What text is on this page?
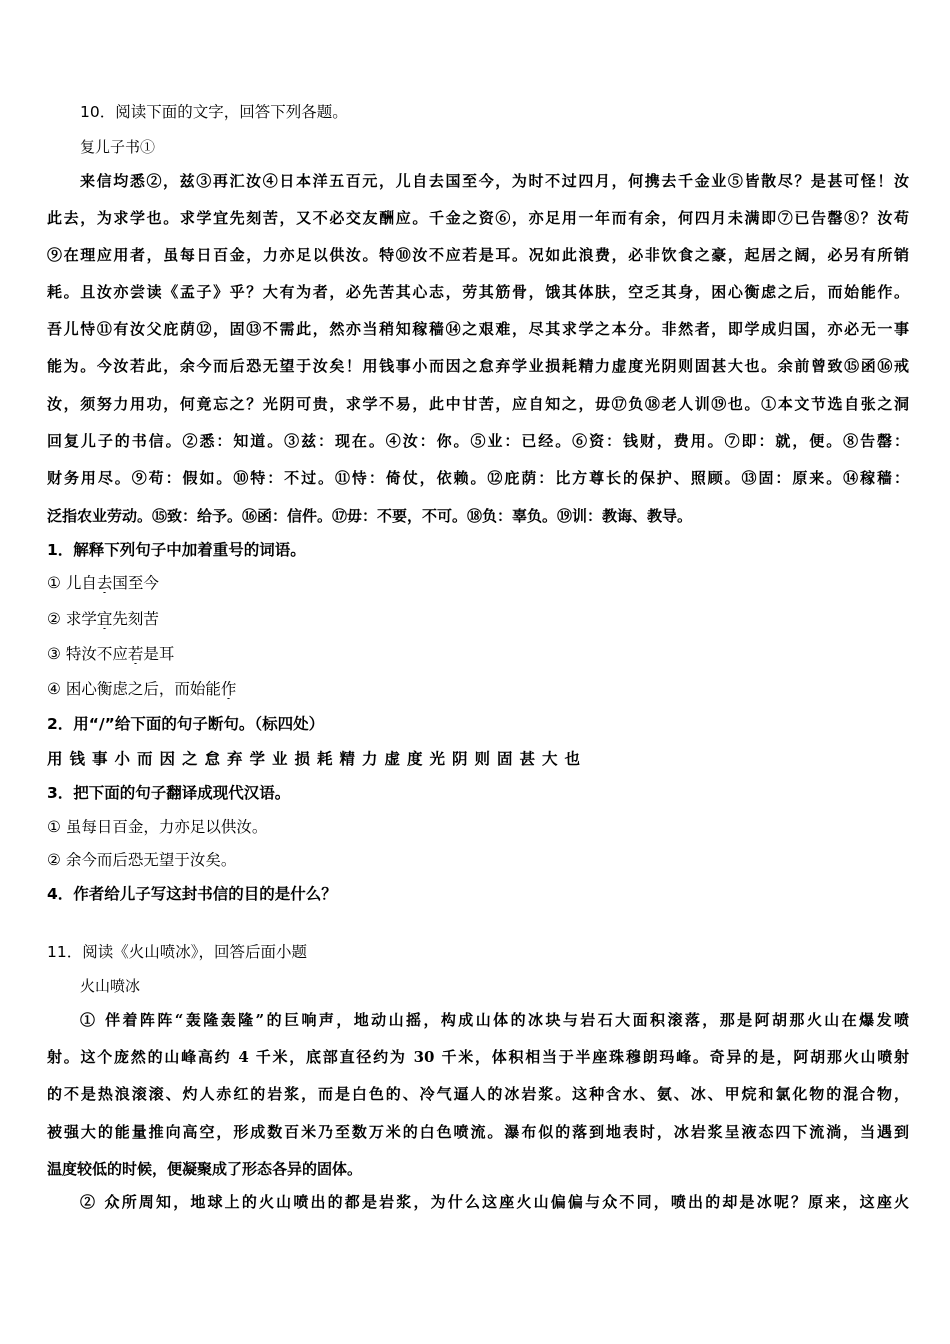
10．阅读下面的文字，回答下列各题。
复儿子书①
来信均悉②，兹③再汇汝④日本洋五百元，儿自去国至今，为时不过四月，何携去千金业⑤皆散尽？是甚可怪！汝
此去，为求学也。求学宜先刻苦，又不必交友酬应。千金之资⑥，亦足用一年而有余，何四月未满即⑦已告罄⑧？汝苟
⑨在理应用者，虽每日百金，力亦足以供汝。特⑩汝不应若是耳。况如此浪费，必非饮食之豪，起居之阔，必另有所销
耗。且汝亦尝读《孟子》乎？大有为者，必先苦其心志，劳其筋骨，饿其体肤，空乏其身，困心衡虑之后，而始能作。
吾儿恃⑪有汝父庇荫⑫，固⑬不需此，然亦当稍知稼穑⑭之艰难，尽其求学之本分。非然者，即学成归国，亦必无一事
能为。今汝若此，余今而后恐无望于汝矣！用钱事小而因之怠弃学业损耗精力虚度光阴则固甚大也。余前曾致⑮函⑯戒
汝，须努力用功，何竟忘之？光阴可贵，求学不易，此中甘苦，应自知之，毋⑰负⑱老人训⑲也。①本文节选自张之洞
回复儿子的书信。②悉：知道。③兹：现在。④汝：你。⑤业：已经。⑥资：钱财，费用。⑦即：就，便。⑧告罄：
财务用尽。⑨苟：假如。⑩特：不过。⑪恃：倚仗，依赖。⑫庇荫：比方尊长的保护、照顾。⑬固：原来。⑭稼穑：
泛指农业劳动。⑮致：给予。⑯函：信件。⑰毋：不要，不可。⑱负：辜负。⑲训：教诲、教导。
1．解释下列句子中加着重号的词语。
① 儿自去国至今
② 求学宜先刻苦
③ 特汝不应若是耳
④ 困心衡虑之后，而始能作
2．用“/”给下面的句子断句。（标四处）
用钱事小而因之怠弃学业损耗精力虚度光阴则固甚大也
3．把下面的句子翻译成现代汉语。
① 虽每日百金，力亦足以供汝。
② 余今而后恐无望于汝矣。
4．作者给儿子写这封书信的目的是什么？
11．阅读《火山喷冰》，回答后面小题
火山喷冰
① 伴着阵阵“轰隆轰隆”的巨响声，地动山摇，构成山体的冰块与岩石大面积滚落，那是阿胡那火山在爆发喷
射。这个庞然的山峰高约 4 千米，底部直径约为 30 千米，体积相当于半座珠穆朗玛峰。奇异的是，阿胡那火山喷射
的不是热浪滚滚、灼人赤红的岩浆，而是白色的、冷气逼人的冰岩浆。这种含水、氨、冰、甲烷和氯化物的混合物，
被强大的能量推向高空，形成数百米乃至数万米的白色喷流。瀑布似的落到地表时，冰岩浆呈液态四下流淌，当遇到
温度较低的时候，便凝聚成了形态各异的固体。
② 众所周知，地球上的火山喷出的都是岩浆，为什么这座火山偏偏与众不同，喷出的却是冰呢？原来，这座火
